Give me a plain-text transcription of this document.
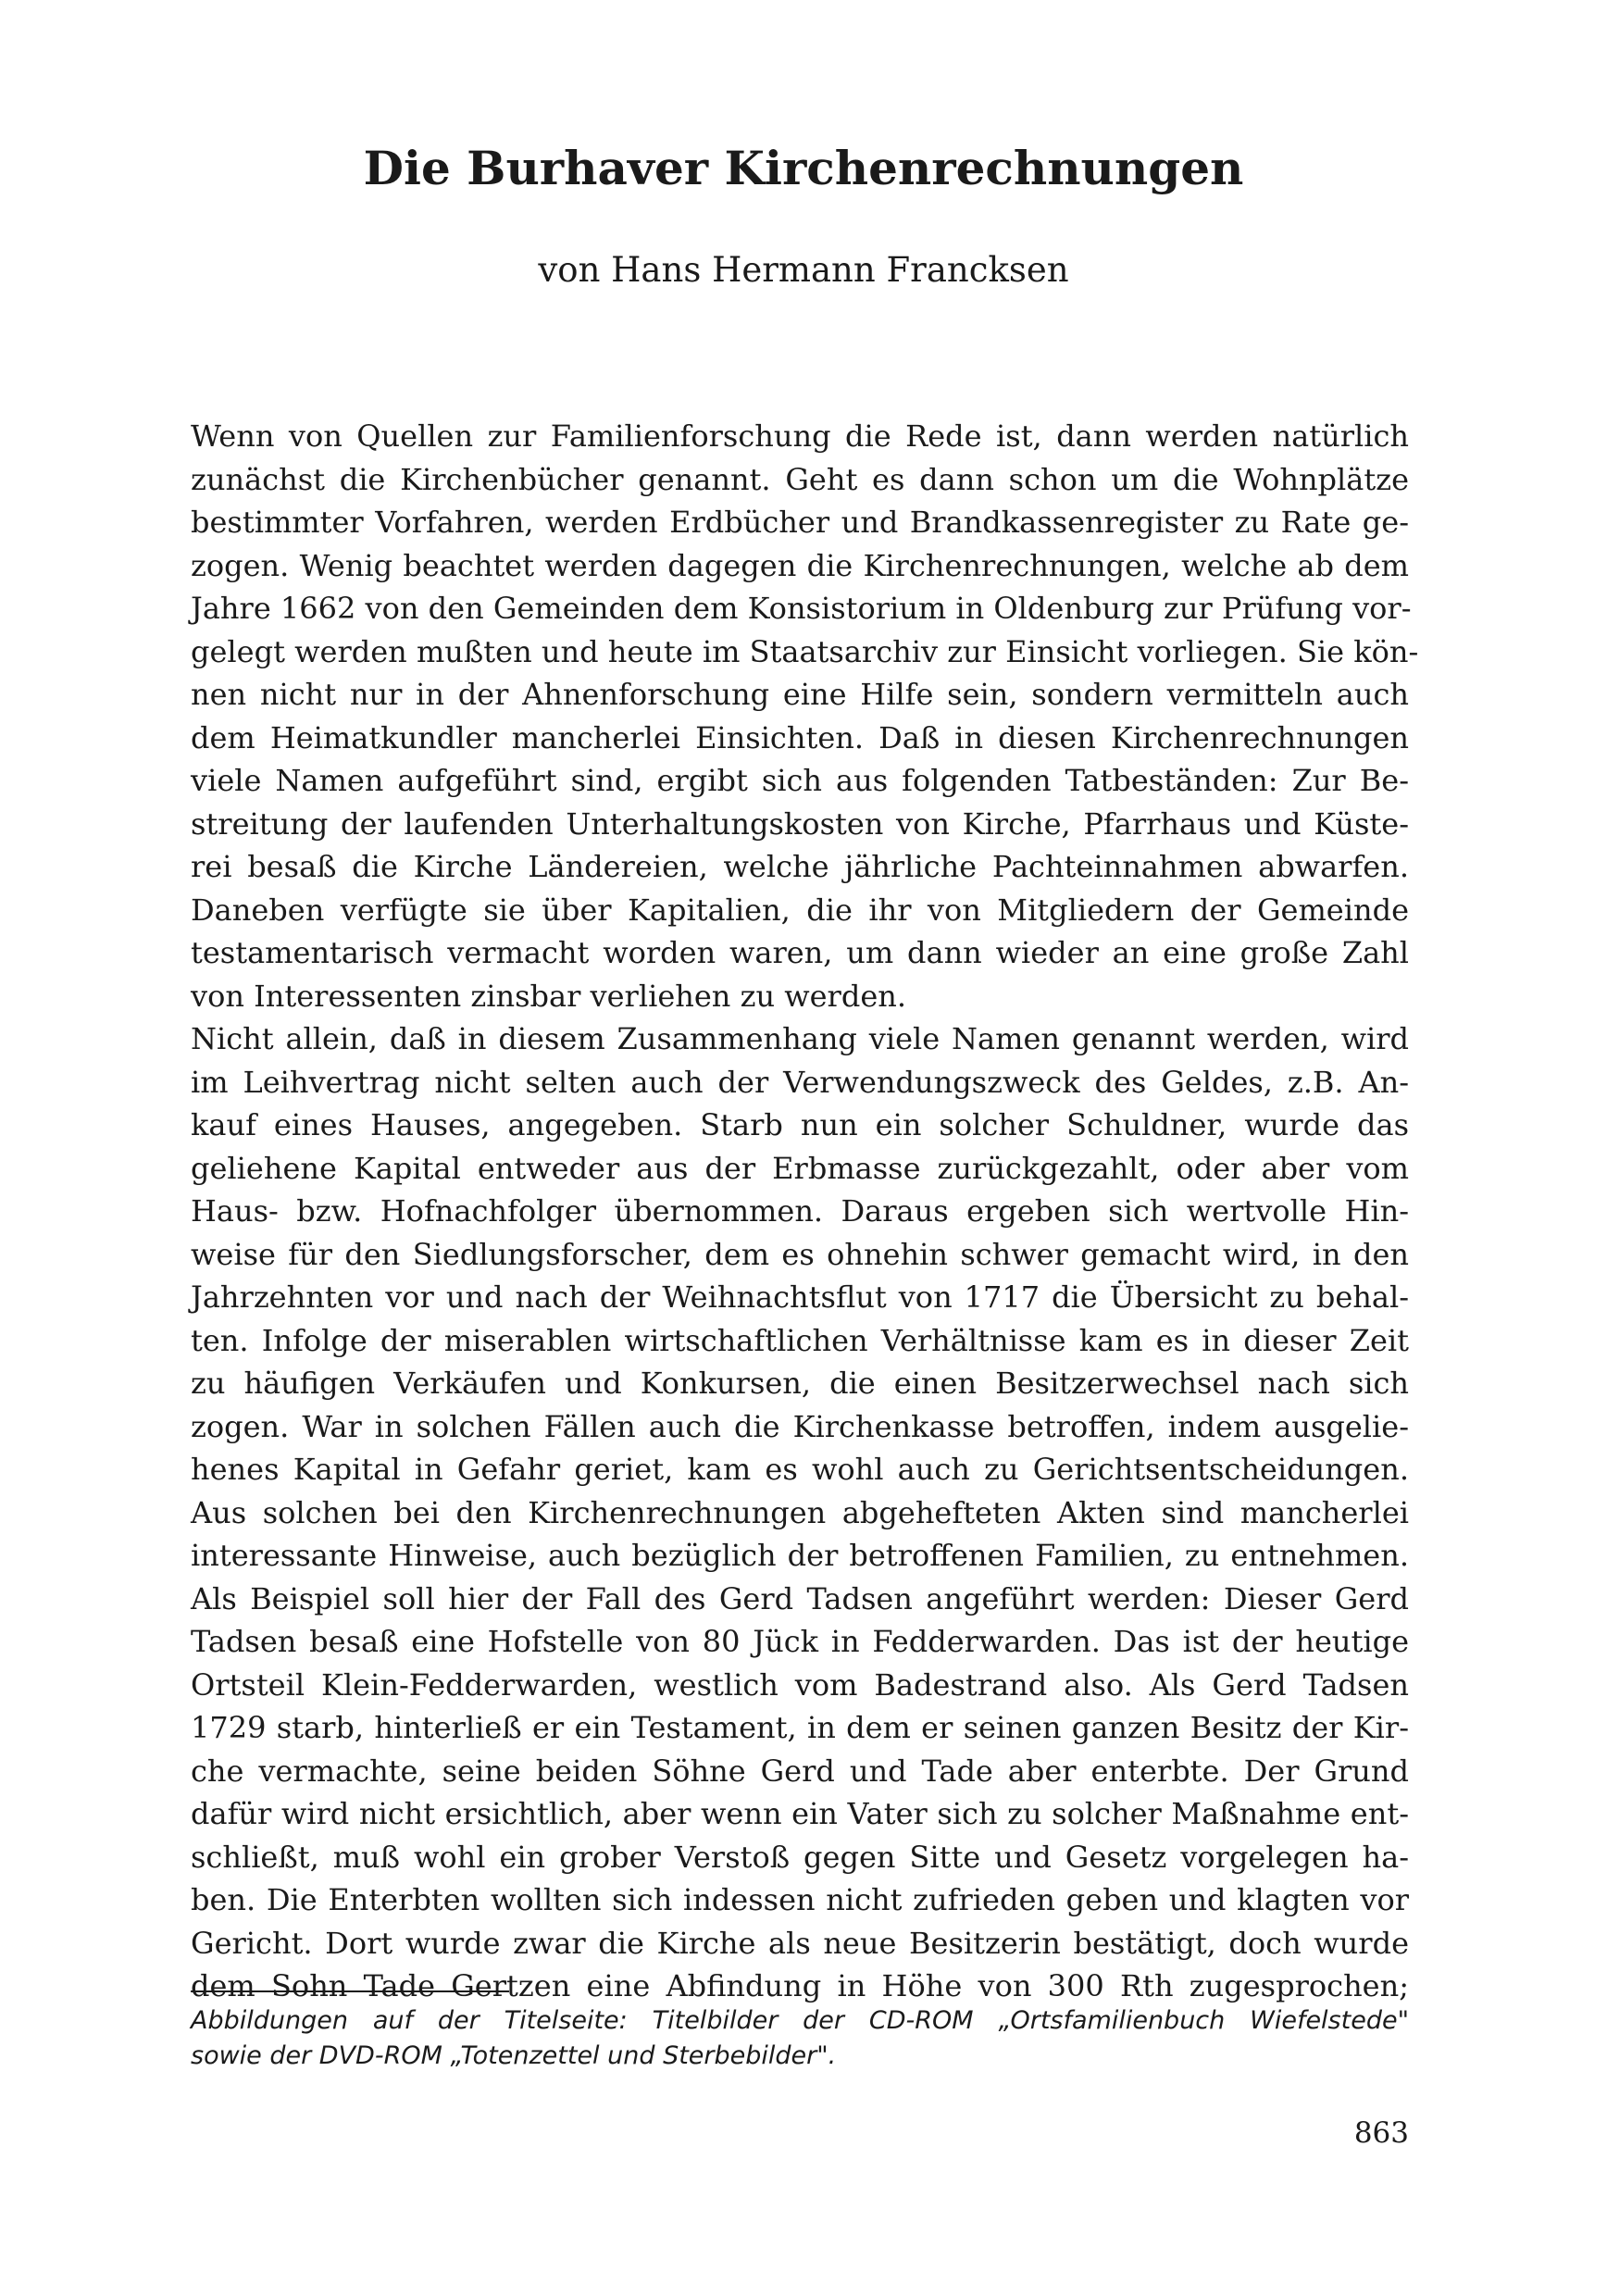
Die Burhaver Kirchenrechnungen
von Hans Hermann Francksen
Wenn von Quellen zur Familienforschung die Rede ist, dann werden natürlich
zunächst die Kirchenbücher genannt. Geht es dann schon um die Wohnplätze
bestimmter Vorfahren, werden Erdbücher und Brandkassenregister zu Rate ge-
zogen. Wenig beachtet werden dagegen die Kirchenrechnungen, welche ab dem
Jahre 1662 von den Gemeinden dem Konsistorium in Oldenburg zur Prüfung vor-
gelegt werden mußten und heute im Staatsarchiv zur Einsicht vorliegen. Sie kön-
nen nicht nur in der Ahnenforschung eine Hilfe sein, sondern vermitteln auch
dem Heimatkundler mancherlei Einsichten. Daß in diesen Kirchenrechnungen
viele Namen aufgeführt sind, ergibt sich aus folgenden Tatbeständen: Zur Be-
streitung der laufenden Unterhaltungskosten von Kirche, Pfarrhaus und Küste-
rei besaß die Kirche Ländereien, welche jährliche Pachteinnahmen abwarfen.
Daneben verfügte sie über Kapitalien, die ihr von Mitgliedern der Gemeinde
testamentarisch vermacht worden waren, um dann wieder an eine große Zahl
von Interessenten zinsbar verliehen zu werden.
Nicht allein, daß in diesem Zusammenhang viele Namen genannt werden, wird
im Leihvertrag nicht selten auch der Verwendungszweck des Geldes, z.B. An-
kauf eines Hauses, angegeben. Starb nun ein solcher Schuldner, wurde das
geliehene Kapital entweder aus der Erbmasse zurückgezahlt, oder aber vom
Haus- bzw. Hofnachfolger übernommen. Daraus ergeben sich wertvolle Hin-
weise für den Siedlungsforscher, dem es ohnehin schwer gemacht wird, in den
Jahrzehnten vor und nach der Weihnachtsflut von 1717 die Übersicht zu behal-
ten. Infolge der miserablen wirtschaftlichen Verhältnisse kam es in dieser Zeit
zu häufigen Verkäufen und Konkursen, die einen Besitzerwechsel nach sich
zogen. War in solchen Fällen auch die Kirchenkasse betroffen, indem ausgelie-
henes Kapital in Gefahr geriet, kam es wohl auch zu Gerichtsentscheidungen.
Aus solchen bei den Kirchenrechnungen abgehefteten Akten sind mancherlei
interessante Hinweise, auch bezüglich der betroffenen Familien, zu entnehmen.
Als Beispiel soll hier der Fall des Gerd Tadsen angeführt werden: Dieser Gerd
Tadsen besaß eine Hofstelle von 80 Jück in Fedderwarden. Das ist der heutige
Ortsteil Klein-Fedderwarden, westlich vom Badestrand also. Als Gerd Tadsen
1729 starb, hinterließ er ein Testament, in dem er seinen ganzen Besitz der Kir-
che vermachte, seine beiden Söhne Gerd und Tade aber enterbte. Der Grund
dafür wird nicht ersichtlich, aber wenn ein Vater sich zu solcher Maßnahme ent-
schließt, muß wohl ein grober Verstoß gegen Sitte und Gesetz vorgelegen ha-
ben. Die Enterbten wollten sich indessen nicht zufrieden geben und klagten vor
Gericht. Dort wurde zwar die Kirche als neue Besitzerin bestätigt, doch wurde
dem Sohn Tade Gertzen eine Abfindung in Höhe von 300 Rth zugesprochen;
Abbildungen auf der Titelseite: Titelbilder der CD-ROM „Ortsfamilienbuch Wiefelstede"
sowie der DVD-ROM „Totenzettel und Sterbebilder".
863
